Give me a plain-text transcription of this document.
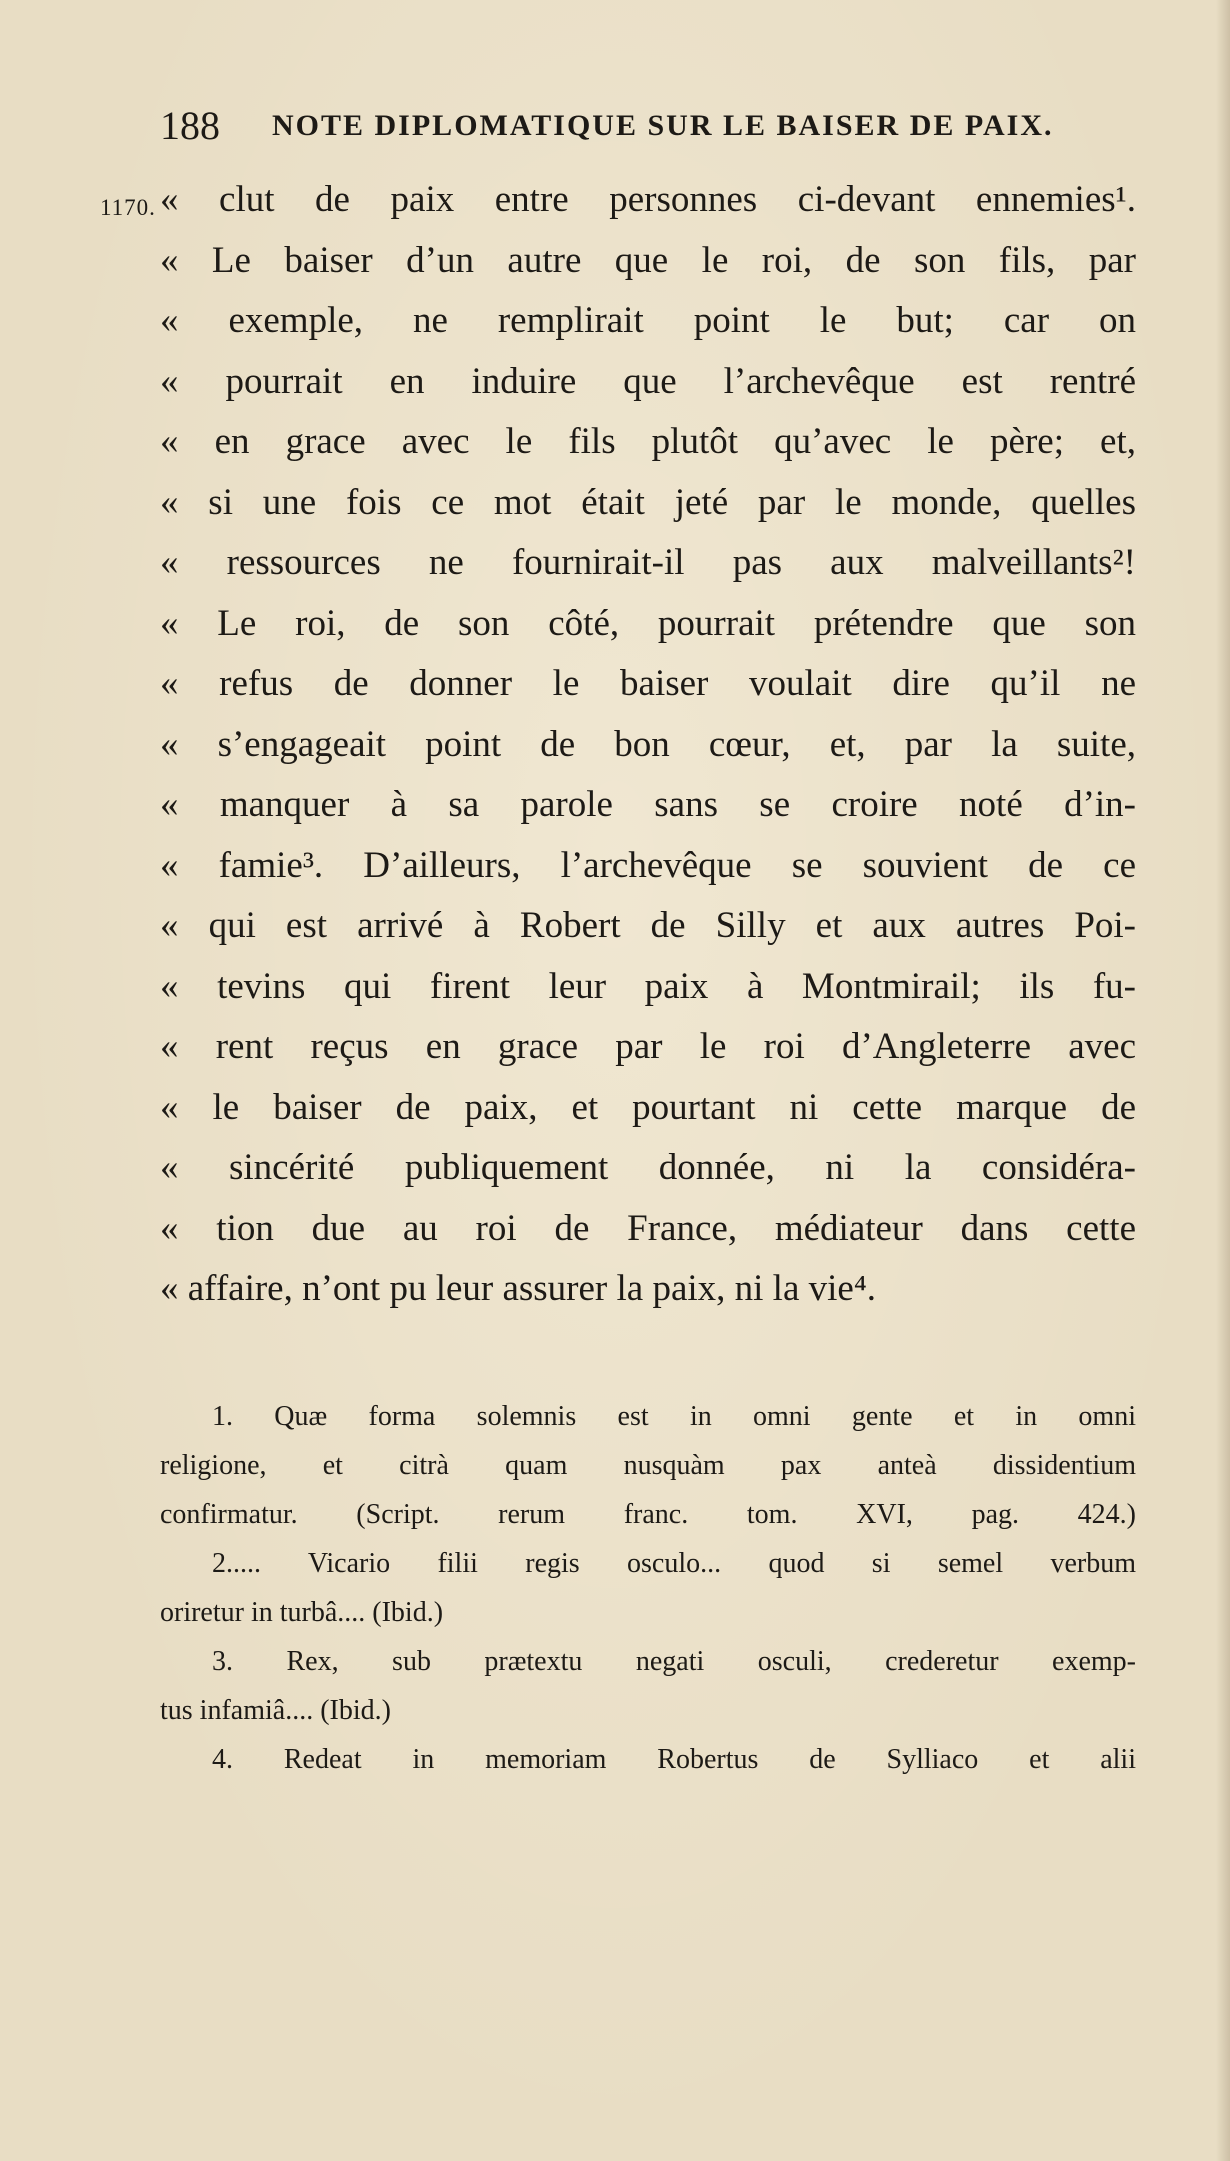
188 NOTE DIPLOMATIQUE SUR LE BAISER DE PAIX.
1170. « clut de paix entre personnes ci-devant ennemies¹.
« Le baiser d’un autre que le roi, de son fils, par
« exemple, ne remplirait point le but; car on
« pourrait en induire que l’archevêque est rentré
« en grace avec le fils plutôt qu’avec le père; et,
« si une fois ce mot était jeté par le monde, quelles
« ressources ne fournirait-il pas aux malveillants²!
« Le roi, de son côté, pourrait prétendre que son
« refus de donner le baiser voulait dire qu’il ne
« s’engageait point de bon cœur, et, par la suite,
« manquer à sa parole sans se croire noté d’in-
« famie³. D’ailleurs, l’archevêque se souvient de ce
« qui est arrivé à Robert de Silly et aux autres Poi-
« tevins qui firent leur paix à Montmirail; ils fu-
« rent reçus en grace par le roi d’Angleterre avec
« le baiser de paix, et pourtant ni cette marque de
« sincérité publiquement donnée, ni la considéra-
« tion due au roi de France, médiateur dans cette
« affaire, n’ont pu leur assurer la paix, ni la vie⁴.
1. Quæ forma solemnis est in omni gente et in omni
religione, et citrà quam nusquàm pax anteà dissidentium
confirmatur. (Script. rerum franc. tom. XVI, pag. 424.)
2..... Vicario filii regis osculo... quod si semel verbum
oriretur in turbâ.... (Ibid.)
3. Rex, sub prætextu negati osculi, crederetur exemp-
tus infamiâ.... (Ibid.)
4. Redeat in memoriam Robertus de Sylliaco et alii
